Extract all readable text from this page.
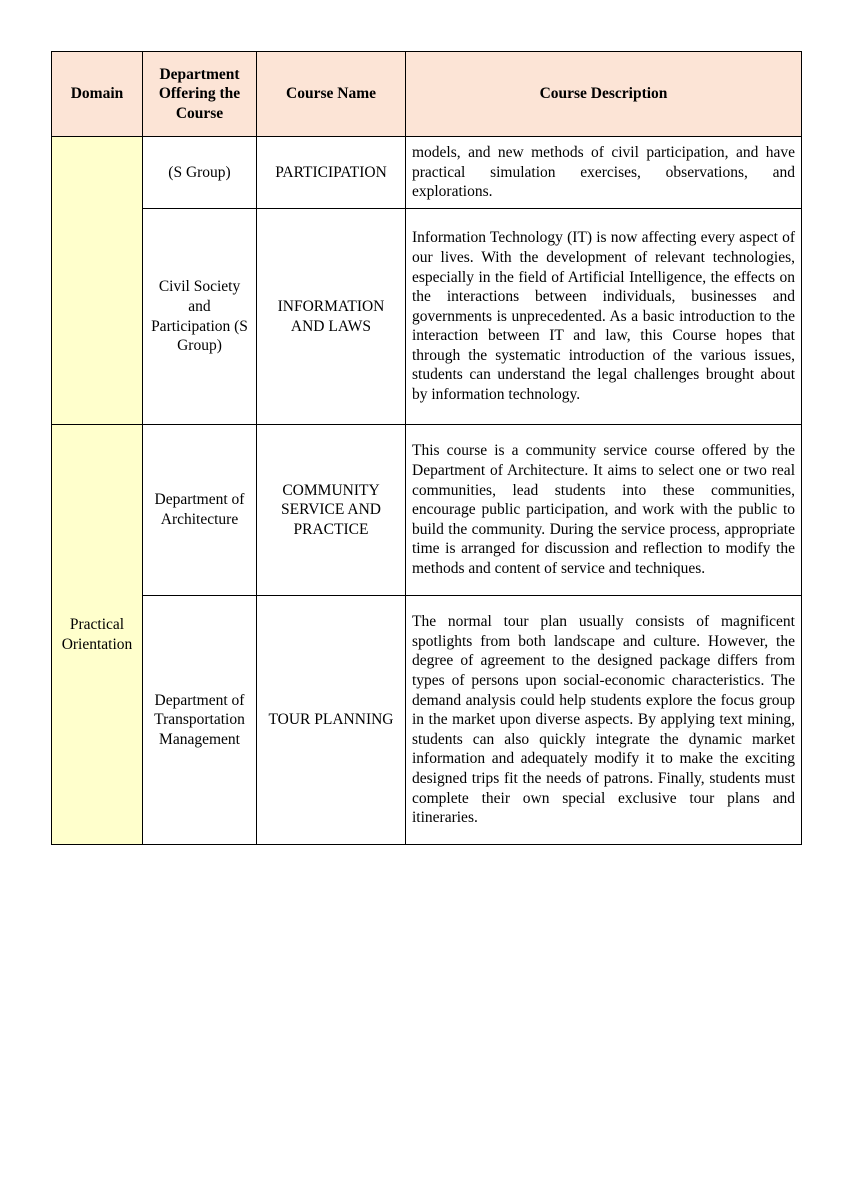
Domain	Department Offering the Course	Course Name	Course Description
	(S Group)	PARTICIPATION	models, and new methods of civil participation, and have practical simulation exercises, observations, and explorations.
	Civil Society and Participation (S Group)	INFORMATION AND LAWS	Information Technology (IT) is now affecting every aspect of our lives. With the development of relevant technologies, especially in the field of Artificial Intelligence, the effects on the interactions between individuals, businesses and governments is unprecedented. As a basic introduction to the interaction between IT and law, this Course hopes that through the systematic introduction of the various issues, students can understand the legal challenges brought about by information technology.
Practical Orientation	Department of Architecture	COMMUNITY SERVICE AND PRACTICE	This course is a community service course offered by the Department of Architecture. It aims to select one or two real communities, lead students into these communities, encourage public participation, and work with the public to build the community. During the service process, appropriate time is arranged for discussion and reflection to modify the methods and content of service and techniques.
	Department of Transportation Management	TOUR PLANNING	The normal tour plan usually consists of magnificent spotlights from both landscape and culture. However, the degree of agreement to the designed package differs from types of persons upon social-economic characteristics. The demand analysis could help students explore the focus group in the market upon diverse aspects. By applying text mining, students can also quickly integrate the dynamic market information and adequately modify it to make the exciting designed trips fit the needs of patrons. Finally, students must complete their own special exclusive tour plans and itineraries.
